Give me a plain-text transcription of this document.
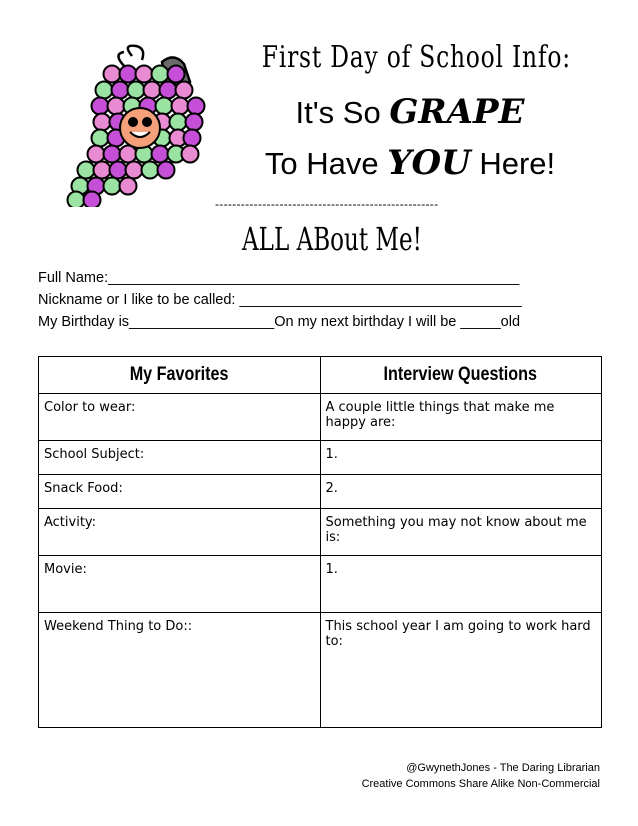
First Day of School Info:
It's So GRAPE
To Have YOU Here!
----------------------------------------------------
ALL ABout Me!
Full Name:___________________________________________________
Nickname or I like to be called: ___________________________________
My Birthday is__________________On my next birthday I will be _____old
My Favorites	Interview Questions
Color to wear:	A couple little things that make me happy are:
School Subject:	1.
Snack Food:	2.
Activity:	Something you may not know about me is:
Movie:	1.
Weekend Thing to Do::	This school year I am going to work hard to:
@GwynethJones - The Daring Librarian
Creative Commons Share Alike Non-Commercial
